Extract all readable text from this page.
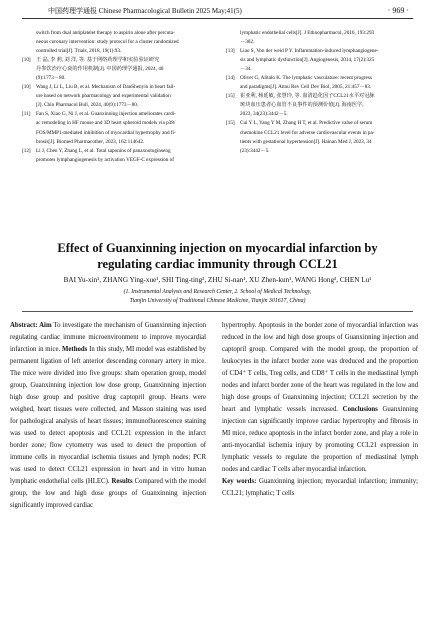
中国药理学通报 Chinese Pharmacological Bulletin 2025 May;41(5)	· 969 ·
switch from dual antiplatelet therapy to aspirin alone after percuta-
neous coronary intervention: study protocol for a cluster randomized
controlled trial[J]. Trials, 2018, 19(1):93.
[10] 王 晶, 李 莉, 刘 洋, 等. 基于网络药理学和实验验证研究
丹参饮治疗心衰的作用机制[J]. 中国药理学通报, 2024, 40
(9):1773－80.
[10] Wang J, Li L, Liu B, et al. Mechanism of DanShenyin in heart fail-
ure based on network pharmacology and experimental validation
[J]. Chin Pharmacol Bull, 2024, 40(9):1773－80.
[11] Fan S, Xiao G, Ni J, et al. Guanxinning injection ameliorates cardi-
ac remodeling in HF mouse and 3D heart spheroid models via p38/
FOS/MMP1-mediated inhibition of myocardial hypertrophy and fi-
brosis[J]. Biomed Pharmacother, 2023, 162:114642.
[12] Li J, Chen Y, Zhang L, et al. Total saponins of panaxnotoginseng
promotes lymphangiogenesis by activation VEGF-C expression of
lymphatic endothelial cells[J]. J Ethnopharmacol, 2016, 193:293
－302.
[13] Liao S, Von der weid P Y. Inflammation-induced lymphangiogene-
sis and lymphatic dysfunction[J]. Angiogenesis, 2014, 17(2):325
－34.
[14] Oliver G, Alitalo K. The lymphatic vasculature: recent progress
and paradigms[J]. Annu Rev Cell Dev Biol, 2005, 21:457－83.
[15] 崔亚利, 杨延敏, 张慧玲, 等. 血清趋化因子CCL21水平对冠脉
斑块血压患者心血管不良事件的预测价值[J]. 海南医学,
2023, 34(23):3442－5.
[15] Cui Y L, Yang Y M, Zhang H T, et al. Predictive value of serum
chemokine CCL21 level for adverse cardiovascular events in pa-
tients with gestational hypertension[J]. Hainan Med J, 2023, 34
(23):3442－5.
Effect of Guanxinning injection on myocardial infarction by
regulating cardiac immunity through CCL21
BAI Yu-xin¹, ZHANG Ying-xue¹, SHI Ting-ting², ZHU Si-nan¹, XU Zhen-kun¹, WANG Hong², CHEN Lu¹
(1. Instrumental Analysis and Research Center, 2. School of Medical Technology,
Tianjin University of Traditional Chinese Medicine, Tianjin 301617, China)
Abstract: Aim To investigate the mechanism of Guanxinning injection regulating cardiac immune microenvironment to improve myocardial infarction in mice. Methods In this study, MI model was established by permanent ligation of left anterior descending coronary artery in mice. The mice were divided into five groups: sham operation group, model group, Guanxinning injection low dose group, Guanxinning injection high dose group and positive drug captopril group. Hearts were weighed, heart tissues were collected, and Masson staining was used for pathological analysis of heart tissues; immunofluorescence staining was used to detect apoptosis and CCL21 expression in the infarct border zone; flow cytometry was used to detect the proportion of immune cells in myocardial ischemia tissues and lymph nodes; PCR was used to detect CCL21 expression in heart and in vitro human lymphatic endothelial cells (HLEC). Results Compared with the model group, the low and high dose groups of Guanxinning injection significantly improved cardiac
hypertrophy. Apoptosis in the border zone of myocardial infarction was reduced in the low and high dose groups of Guanxinning injection and captopril group. Compared with the model group, the proportion of leukocytes in the infarct border zone was dreduced and the proportion of CD4⁺ T cells, Treg cells, and CD8⁺ T cells in the mediastinal lymph nodes and infarct border zone of the heart was regulated in the low and high dose groups of Guanxinning injection; CCL21 secretion by the heart and lymphatic vessels increased. Conclusions Guanxinning injection can significantly improve cardiac hypertrophy and fibrosis in MI mice, reduce apoptosis in the infarct border zone, and play a role in anti-myocardial ischemia injury by promoting CCL21 expression in lymphatic vessels to regulate the proportion of mediastinal lymph nodes and cardiac T cells after myocardial infarction.
Key words: Guanxinning injection; myocardial infarction; immunity; CCL21; lymphatic; T cells
